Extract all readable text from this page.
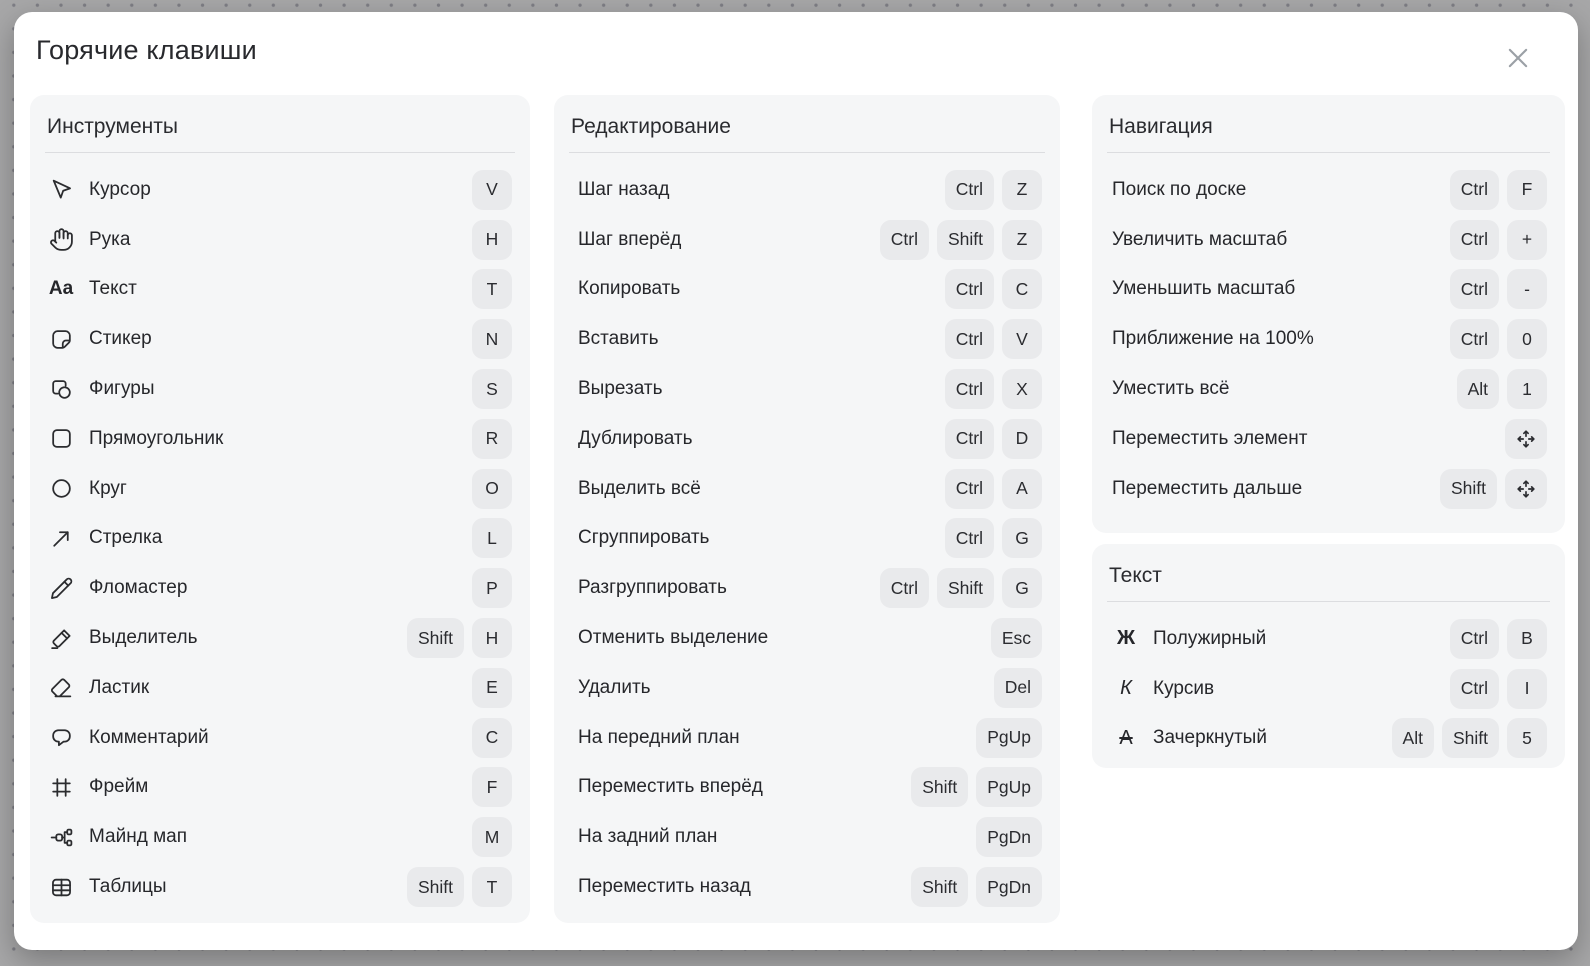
Горячие клавиши
Инструменты
Курсор	V
Рука	H
Aa Текст	T
Стикер	N
Фигуры	S
Прямоугольник	R
Круг	O
Стрелка	L
Фломастер	P
Выделитель	Shift	H
Ластик	E
Комментарий	C
Фрейм	F
Майнд мап	M
Таблицы	Shift	T
Редактирование
Шаг назад	Ctrl	Z
Шаг вперёд	Ctrl	Shift	Z
Копировать	Ctrl	C
Вставить	Ctrl	V
Вырезать	Ctrl	X
Дублировать	Ctrl	D
Выделить всё	Ctrl	A
Сгруппировать	Ctrl	G
Разгруппировать	Ctrl	Shift	G
Отменить выделение	Esc
Удалить	Del
На передний план	PgUp
Переместить вперёд	Shift	PgUp
На задний план	PgDn
Переместить назад	Shift	PgDn
Навигация
Поиск по доске	Ctrl	F
Увеличить масштаб	Ctrl	+
Уменьшить масштаб	Ctrl	-
Приближение на 100%	Ctrl	0
Уместить всё	Alt	1
Переместить элемент
Переместить дальше	Shift
Текст
Ж Полужирный	Ctrl	B
К	Курсив	Ctrl	I
А	Зачеркнутый	Alt	Shift	5
